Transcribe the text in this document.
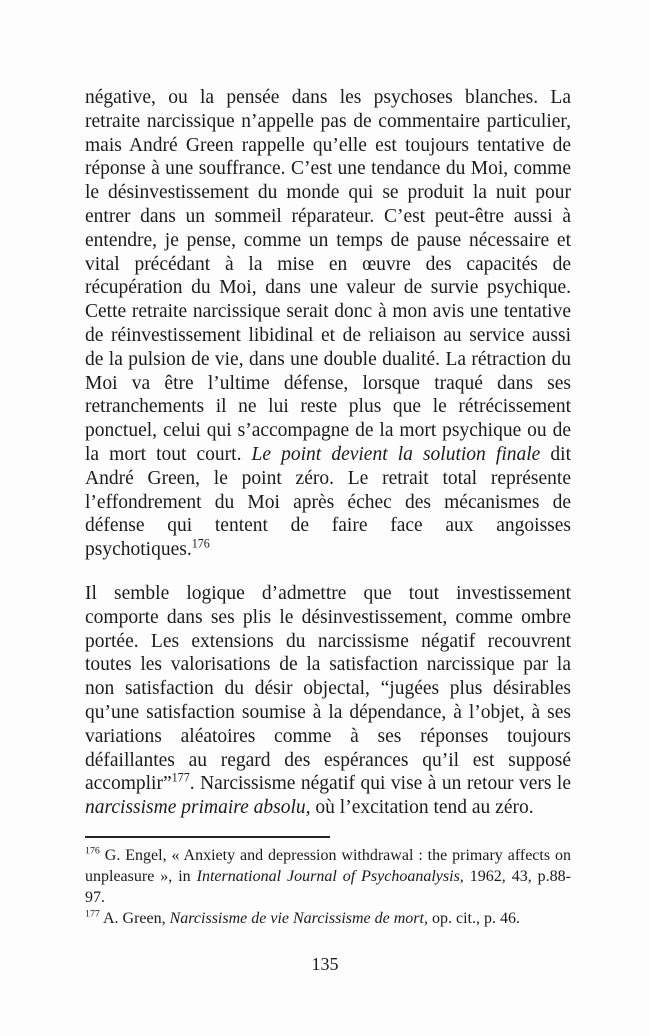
négative, ou la pensée dans les psychoses blanches. La retraite narcissique n’appelle pas de commentaire particulier, mais André Green rappelle qu’elle est toujours tentative de réponse à une souffrance. C’est une tendance du Moi, comme le désinvestissement du monde qui se produit la nuit pour entrer dans un sommeil réparateur. C’est peut-être aussi à entendre, je pense, comme un temps de pause nécessaire et vital précédant à la mise en œuvre des capacités de récupération du Moi, dans une valeur de survie psychique. Cette retraite narcissique serait donc à mon avis une tentative de réinvestissement libidinal et de reliaison au service aussi de la pulsion de vie, dans une double dualité. La rétraction du Moi va être l’ultime défense, lorsque traqué dans ses retranchements il ne lui reste plus que le rétrécissement ponctuel, celui qui s’accompagne de la mort psychique ou de la mort tout court. Le point devient la solution finale dit André Green, le point zéro. Le retrait total représente l’effondrement du Moi après échec des mécanismes de défense qui tentent de faire face aux angoisses psychotiques.$^{176}$

Il semble logique d’admettre que tout investissement comporte dans ses plis le désinvestissement, comme ombre portée. Les extensions du narcissisme négatif recouvrent toutes les valorisations de la satisfaction narcissique par la non satisfaction du désir objectal, “jugées plus désirables qu’une satisfaction soumise à la dépendance, à l’objet, à ses variations aléatoires comme à ses réponses toujours défaillantes au regard des espérances qu’il est supposé accomplir”$^{177}$. Narcissisme négatif qui vise à un retour vers le narcissisme primaire absolu, où l’excitation tend au zéro.

$^{176}$ G. Engel, « Anxiety and depression withdrawal : the primary affects on unpleasure », in International Journal of Psychoanalysis, 1962, 43, p.88-97.

$^{177}$ A. Green, Narcissisme de vie Narcissisme de mort, op. cit., p. 46.

135
